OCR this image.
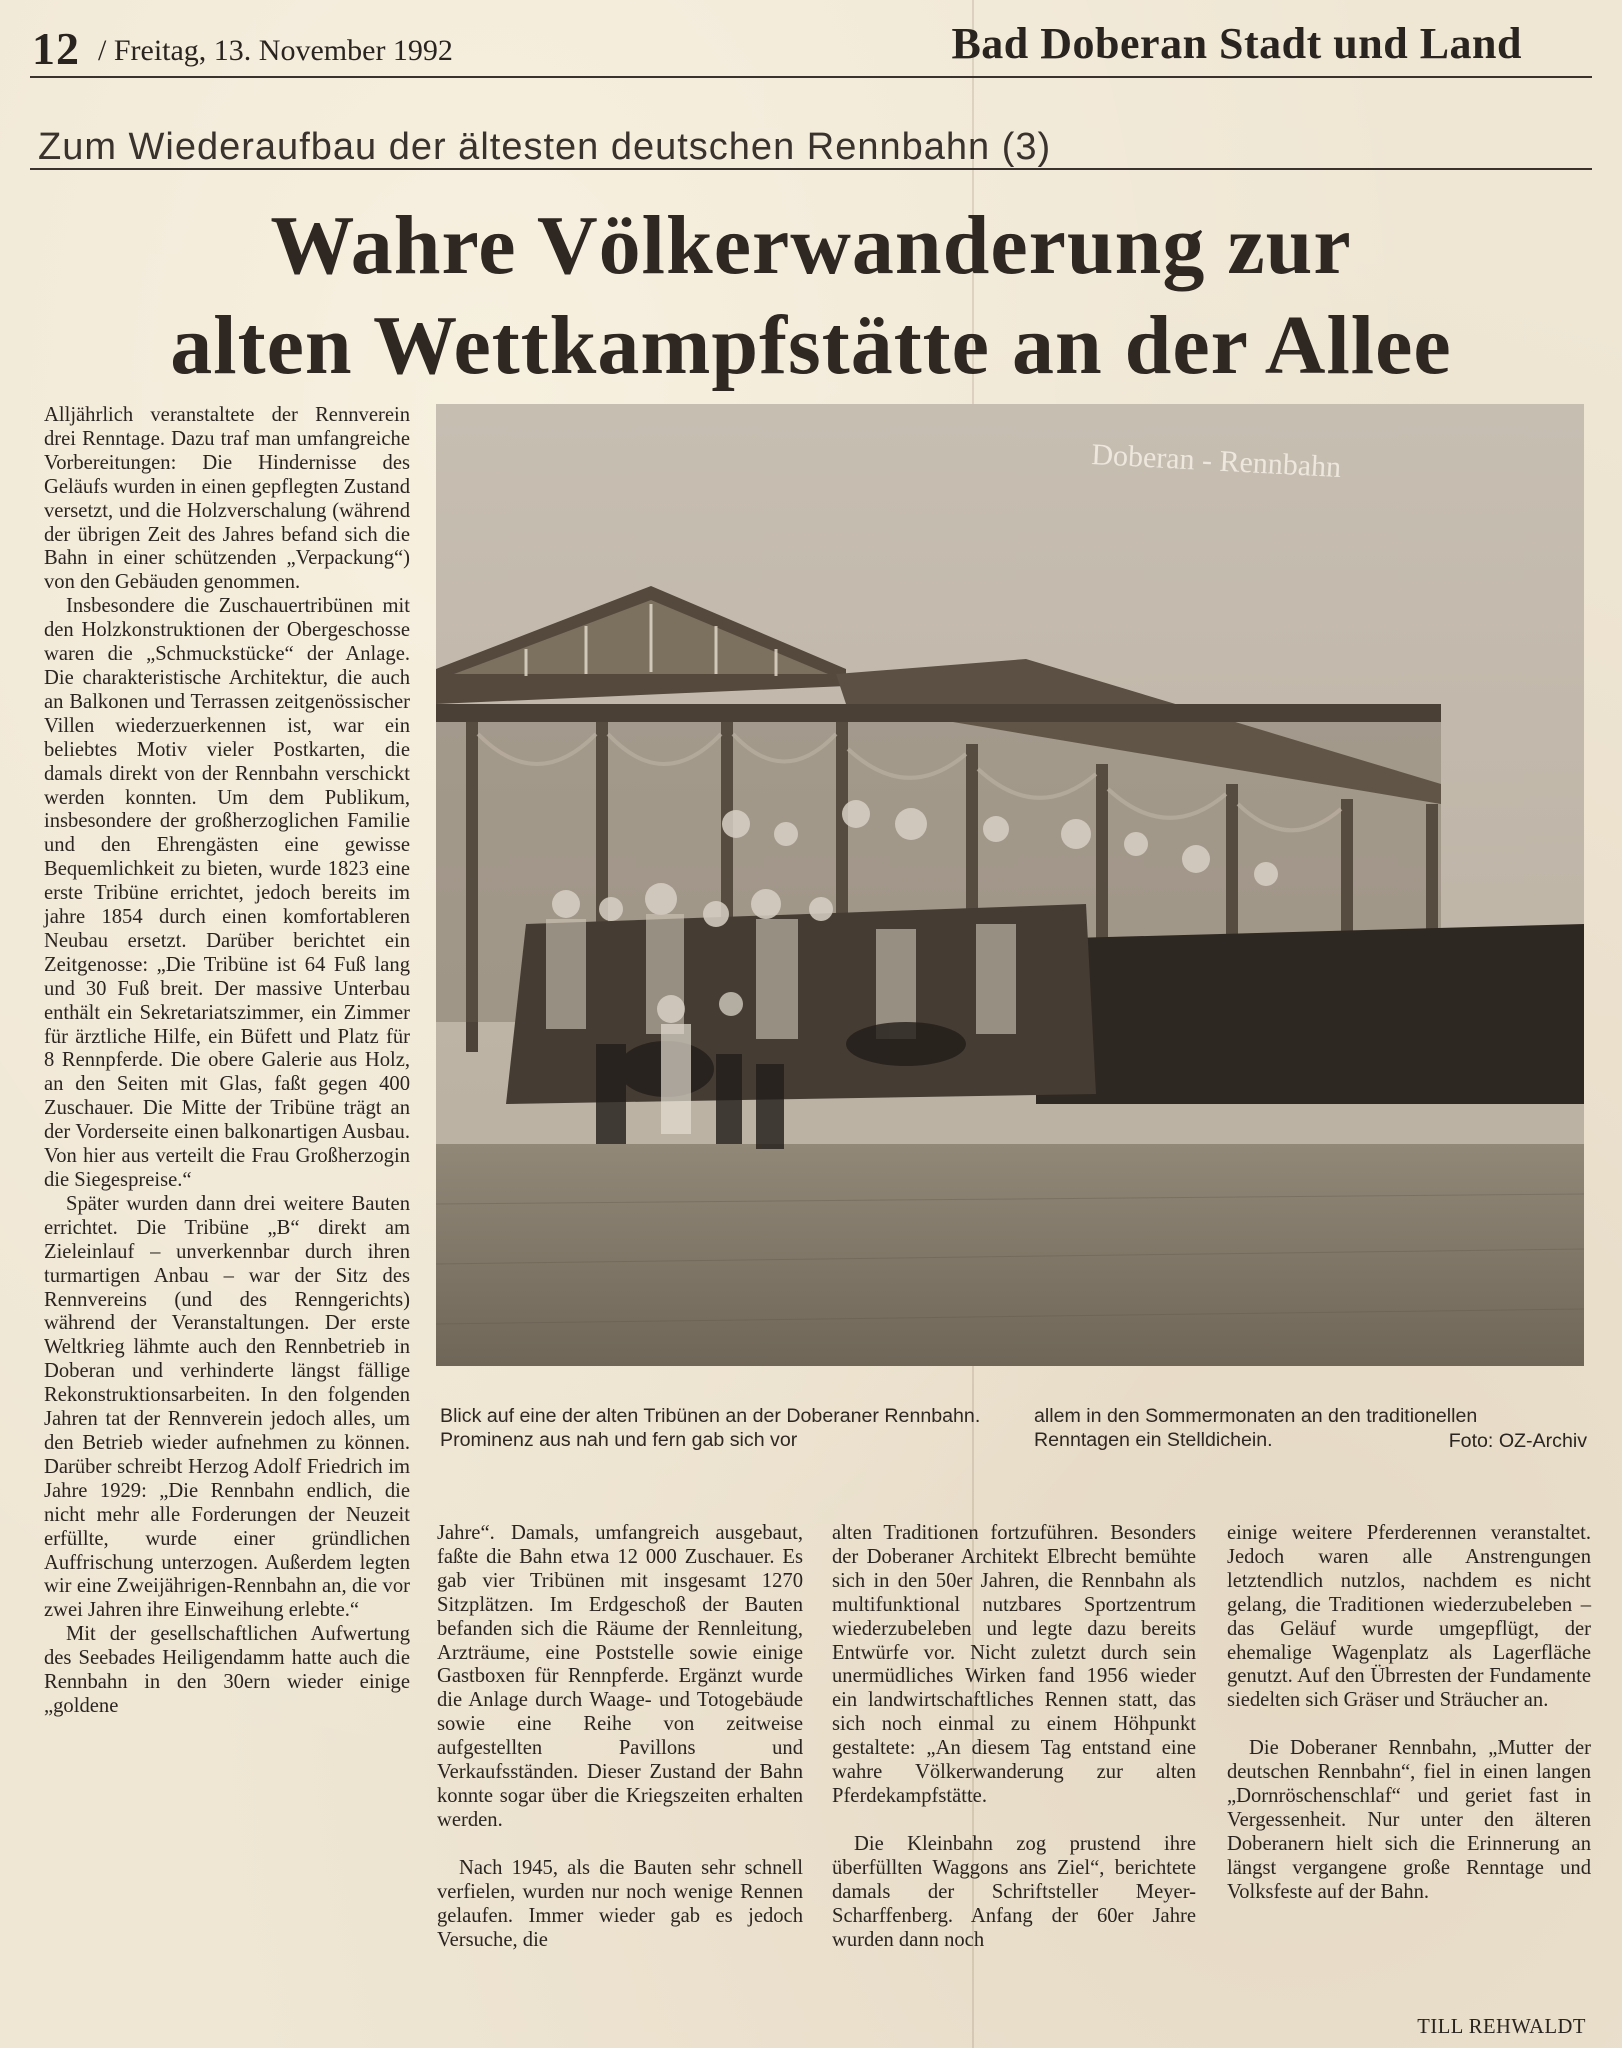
12 / Freitag, 13. November 1992	Bad Doberan Stadt und Land
Zum Wiederaufbau der ältesten deutschen Rennbahn (3)
Wahre Völkerwanderung zur
alten Wettkampfstätte an der Allee

Alljährlich veranstaltete der Rennverein drei Renntage. Dazu traf man umfangreiche Vorbereitungen: Die Hindernisse des Geläufs wurden in einen gepflegten Zustand versetzt, und die Holzverschalung (während der übrigen Zeit des Jahres befand sich die Bahn in einer schützenden „Verpackung“) von den Gebäuden genommen.

Insbesondere die Zuschauertribünen mit den Holzkonstruktionen der Obergeschosse waren die „Schmuckstücke“ der Anlage. Die charakteristische Architektur, die auch an Balkonen und Terrassen zeitgenössischer Villen wiederzuerkennen ist, war ein beliebtes Motiv vieler Postkarten, die damals direkt von der Rennbahn verschickt werden konnten. Um dem Publikum, insbesondere der großherzoglichen Familie und den Ehrengästen eine gewisse Bequemlichkeit zu bieten, wurde 1823 eine erste Tribüne errichtet, jedoch bereits im jahre 1854 durch einen komfortableren Neubau ersetzt. Darüber berichtet ein Zeitgenosse: „Die Tribüne ist 64 Fuß lang und 30 Fuß breit. Der massive Unterbau enthält ein Sekretariatszimmer, ein Zimmer für ärztliche Hilfe, ein Büfett und Platz für 8 Rennpferde. Die obere Galerie aus Holz, an den Seiten mit Glas, faßt gegen 400 Zuschauer. Die Mitte der Tribüne trägt an der Vorderseite einen balkonartigen Ausbau. Von hier aus verteilt die Frau Großherzogin die Siegespreise.“

Später wurden dann drei weitere Bauten errichtet. Die Tribüne „B“ direkt am Zieleinlauf – unverkennbar durch ihren turmartigen Anbau – war der Sitz des Rennvereins (und des Renngerichts) während der Veranstaltungen. Der erste Weltkrieg lähmte auch den Rennbetrieb in Doberan und verhinderte längst fällige Rekonstruktionsarbeiten. In den folgenden Jahren tat der Rennverein jedoch alles, um den Betrieb wieder aufnehmen zu können. Darüber schreibt Herzog Adolf Friedrich im Jahre 1929: „Die Rennbahn endlich, die nicht mehr alle Forderungen der Neuzeit erfüllte, wurde einer gründlichen Auffrischung unterzogen. Außerdem legten wir eine Zweijährigen-Rennbahn an, die vor zwei Jahren ihre Einweihung erlebte.“

Mit der gesellschaftlichen Aufwertung des Seebades Heiligendamm hatte auch die Rennbahn in den 30ern wieder einige „goldene

Doberan - Rennbahn
Blick auf eine der alten Tribünen an der Doberaner Rennbahn. Prominenz aus nah und fern gab sich vor
allem in den Sommermonaten an den traditionellen Renntagen ein Stelldichein.	Foto: OZ-Archiv

Jahre“. Damals, umfangreich ausgebaut, faßte die Bahn etwa 12 000 Zuschauer. Es gab vier Tribünen mit insgesamt 1270 Sitzplätzen. Im Erdgeschoß der Bauten befanden sich die Räume der Rennleitung, Arzträume, eine Poststelle sowie einige Gastboxen für Rennpferde. Ergänzt wurde die Anlage durch Waage- und Totogebäude sowie eine Reihe von zeitweise aufgestellten Pavillons und Verkaufsständen. Dieser Zustand der Bahn konnte sogar über die Kriegszeiten erhalten werden.

Nach 1945, als die Bauten sehr schnell verfielen, wurden nur noch wenige Rennen gelaufen. Immer wieder gab es jedoch Versuche, die

alten Traditionen fortzuführen. Besonders der Doberaner Architekt Elbrecht bemühte sich in den 50er Jahren, die Rennbahn als multifunktional nutzbares Sportzentrum wiederzubeleben und legte dazu bereits Entwürfe vor. Nicht zuletzt durch sein unermüdliches Wirken fand 1956 wieder ein landwirtschaftliches Rennen statt, das sich noch einmal zu einem Höhpunkt gestaltete: „An diesem Tag entstand eine wahre Völkerwanderung zur alten Pferdekampfstätte.

Die Kleinbahn zog prustend ihre überfüllten Waggons ans Ziel“, berichtete damals der Schriftsteller Meyer-Scharffenberg. Anfang der 60er Jahre wurden dann noch

einige weitere Pferderennen veranstaltet. Jedoch waren alle Anstrengungen letztendlich nutzlos, nachdem es nicht gelang, die Traditionen wiederzubeleben – das Geläuf wurde umgepflügt, der ehemalige Wagenplatz als Lagerfläche genutzt. Auf den Übrresten der Fundamente siedelten sich Gräser und Sträucher an.

Die Doberaner Rennbahn, „Mutter der deutschen Rennbahn“, fiel in einen langen „Dornröschenschlaf“ und geriet fast in Vergessenheit. Nur unter den älteren Doberanern hielt sich die Erinnerung an längst vergangene große Renntage und Volksfeste auf der Bahn.

TILL REHWALDT
